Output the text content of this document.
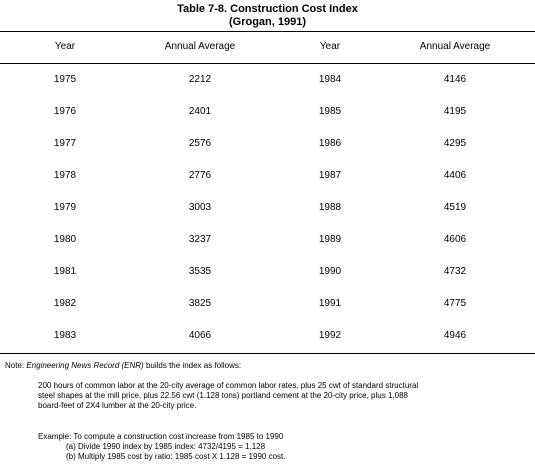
Table 7-8. Construction Cost Index
(Grogan, 1991)
Year	Annual Average	Year	Annual Average
1975	2212	1984	4146
1976	2401	1985	4195
1977	2576	1986	4295
1978	2776	1987	4406
1979	3003	1988	4519
1980	3237	1989	4606
1981	3535	1990	4732
1982	3825	1991	4775
1983	4066	1992	4946
Note: Engineering News Record (ENR) builds the index as follows:
200 hours of common labor at the 20-city average of common labor rates, plus 25 cwt of standard structural
steel shapes at the mill price, plus 22.56 cwt (1.128 tons) portland cement at the 20-city price, plus 1,088
board-feet of 2X4 lumber at the 20-city price.
Example: To compute a construction cost increase from 1985 to 1990
(a) Divide 1990 index by 1985 index: 4732/4195 = 1.128
(b) Multiply 1985 cost by ratio: 1985 cost X 1.128 = 1990 cost.
